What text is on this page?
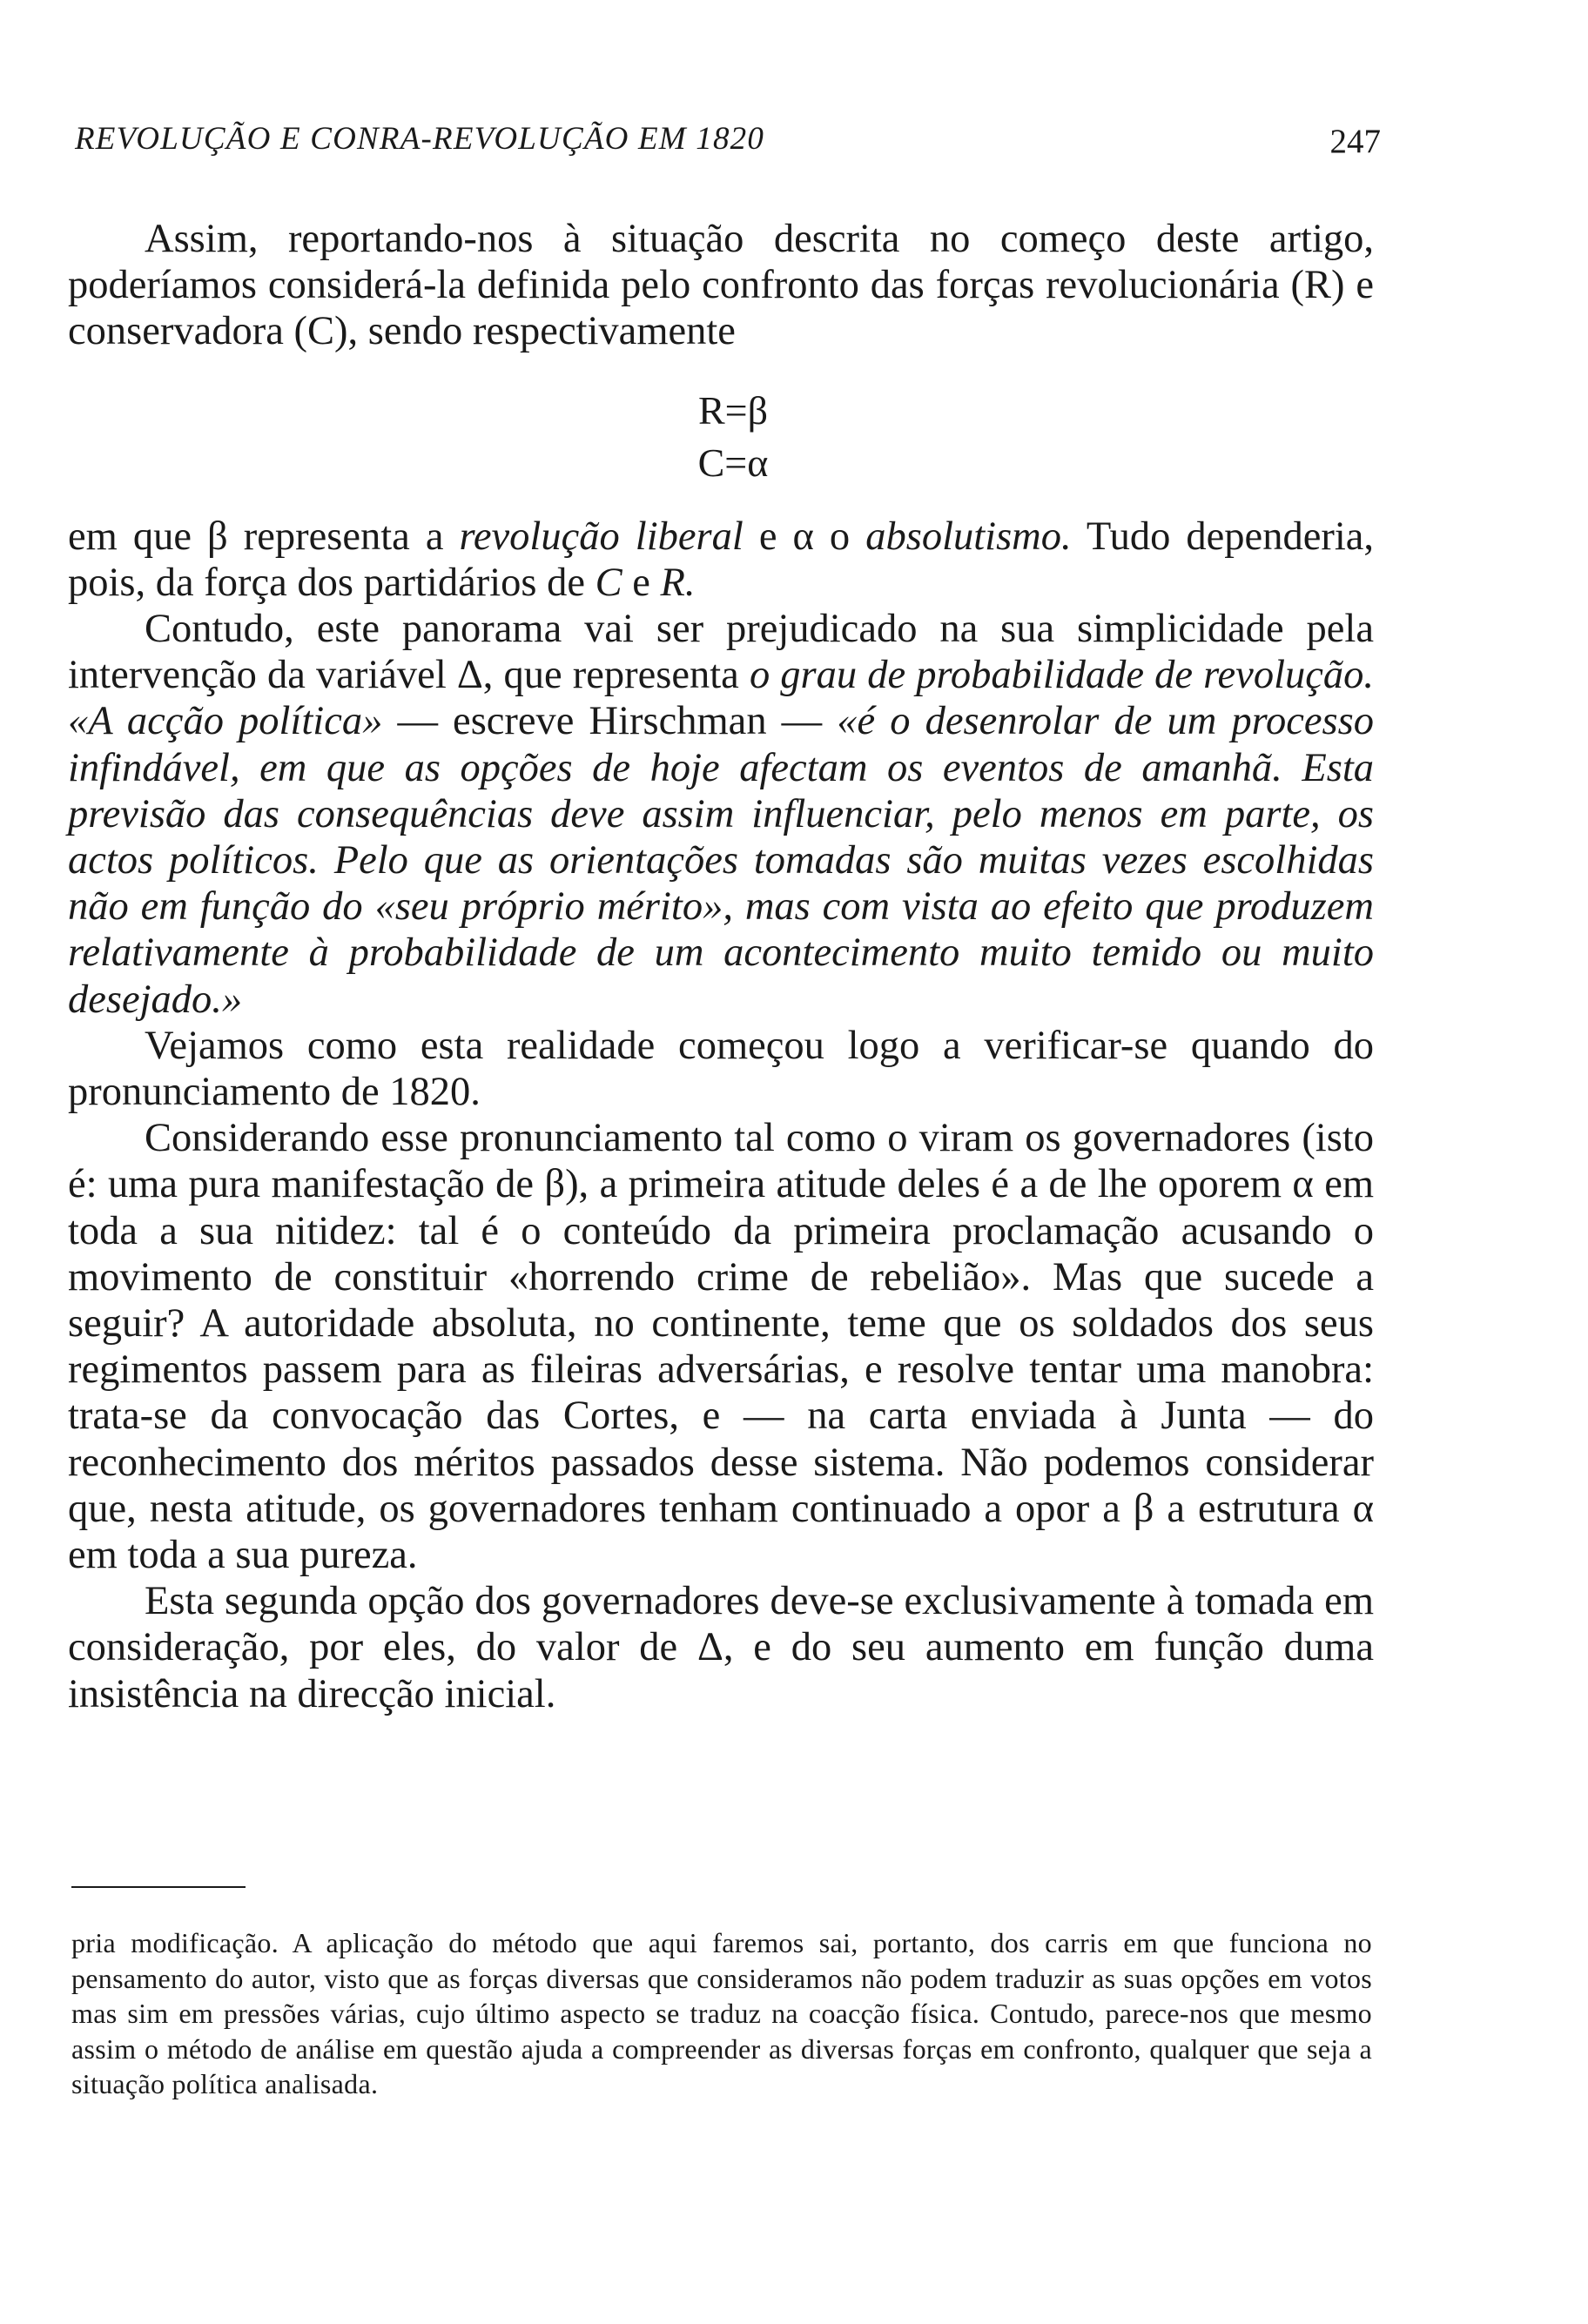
REVOLUÇÃO E CONRA-REVOLUÇÃO EM 1820	247

Assim, reportando-nos à situação descrita no começo deste artigo, poderíamos considerá-la definida pelo confronto das forças revolucionária (R) e conservadora (C), sendo respectivamente

R=β

C=α

em que β representa a revolução liberal e α o absolutismo. Tudo dependeria, pois, da força dos partidários de C e R.

Contudo, este panorama vai ser prejudicado na sua simplicidade pela intervenção da variável Δ, que representa o grau de probabilidade de revolução. «A acção política» — escreve Hirschman — «é o desenrolar de um processo infindável, em que as opções de hoje afectam os eventos de amanhã. Esta previsão das consequências deve assim influenciar, pelo menos em parte, os actos políticos. Pelo que as orientações tomadas são muitas vezes escolhidas não em função do «seu próprio mérito», mas com vista ao efeito que produzem relativamente à probabilidade de um acontecimento muito temido ou muito desejado.»

Vejamos como esta realidade começou logo a verificar-se quando do pronunciamento de 1820.

Considerando esse pronunciamento tal como o viram os governadores (isto é: uma pura manifestação de β), a primeira atitude deles é a de lhe oporem α em toda a sua nitidez: tal é o conteúdo da primeira proclamação acusando o movimento de constituir «horrendo crime de rebelião». Mas que sucede a seguir? A autoridade absoluta, no continente, teme que os soldados dos seus regimentos passem para as fileiras adversárias, e resolve tentar uma manobra: trata-se da convocação das Cortes, e — na carta enviada à Junta — do reconhecimento dos méritos passados desse sistema. Não podemos considerar que, nesta atitude, os governadores tenham continuado a opor a β a estrutura α em toda a sua pureza.

Esta segunda opção dos governadores deve-se exclusivamente à tomada em consideração, por eles, do valor de Δ, e do seu aumento em função duma insistência na direcção inicial.

pria modificação. A aplicação do método que aqui faremos sai, portanto, dos carris em que funciona no pensamento do autor, visto que as forças diversas que consideramos não podem traduzir as suas opções em votos mas sim em pressões várias, cujo último aspecto se traduz na coacção física. Contudo, parece-nos que mesmo assim o método de análise em questão ajuda a compreender as diversas forças em confronto, qualquer que seja a situação política analisada.
